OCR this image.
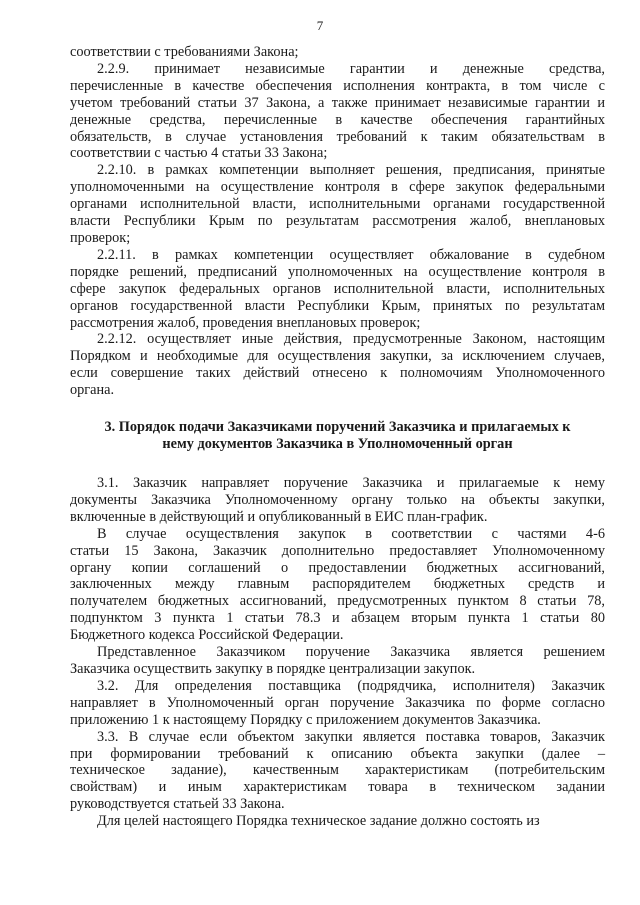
7
соответствии с требованиями Закона;
2.2.9. принимает независимые гарантии и денежные средства,
перечисленные в качестве обеспечения исполнения контракта, в том числе с
учетом требований статьи 37 Закона, а также принимает независимые гарантии и
денежные средства, перечисленные в качестве обеспечения гарантийных
обязательств, в случае установления требований к таким обязательствам в
соответствии с частью 4 статьи 33 Закона;
2.2.10. в рамках компетенции выполняет решения, предписания, принятые
уполномоченными на осуществление контроля в сфере закупок федеральными
органами исполнительной власти, исполнительными органами государственной
власти Республики Крым по результатам рассмотрения жалоб, внеплановых
проверок;
2.2.11. в рамках компетенции осуществляет обжалование в судебном
порядке решений, предписаний уполномоченных на осуществление контроля в
сфере закупок федеральных органов исполнительной власти, исполнительных
органов государственной власти Республики Крым, принятых по результатам
рассмотрения жалоб, проведения внеплановых проверок;
2.2.12. осуществляет иные действия, предусмотренные Законом, настоящим
Порядком и необходимые для осуществления закупки, за исключением случаев,
если совершение таких действий отнесено к полномочиям Уполномоченного
органа.
3. Порядок подачи Заказчиками поручений Заказчика и прилагаемых к
нему документов Заказчика в Уполномоченный орган
3.1. Заказчик направляет поручение Заказчика и прилагаемые к нему
документы Заказчика Уполномоченному органу только на объекты закупки,
включенные в действующий и опубликованный в ЕИС план-график.
В случае осуществления закупок в соответствии с частями 4-6
статьи 15 Закона, Заказчик дополнительно предоставляет Уполномоченному
органу копии соглашений о предоставлении бюджетных ассигнований,
заключенных между главным распорядителем бюджетных средств и
получателем бюджетных ассигнований, предусмотренных пунктом 8 статьи 78,
подпунктом 3 пункта 1 статьи 78.3 и абзацем вторым пункта 1 статьи 80
Бюджетного кодекса Российской Федерации.
Представленное Заказчиком поручение Заказчика является решением
Заказчика осуществить закупку в порядке централизации закупок.
3.2. Для определения поставщика (подрядчика, исполнителя) Заказчик
направляет в Уполномоченный орган поручение Заказчика по форме согласно
приложению 1 к настоящему Порядку с приложением документов Заказчика.
3.3. В случае если объектом закупки является поставка товаров, Заказчик
при формировании требований к описанию объекта закупки (далее –
техническое задание), качественным характеристикам (потребительским
свойствам) и иным характеристикам товара в техническом задании
руководствуется статьей 33 Закона.
Для целей настоящего Порядка техническое задание должно состоять из
